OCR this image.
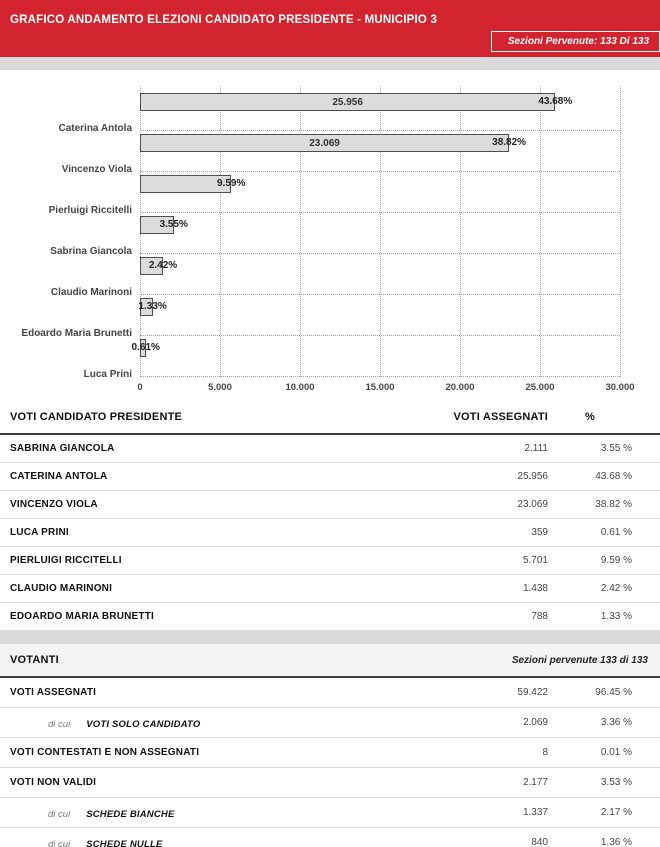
GRAFICO ANDAMENTO ELEZIONI CANDIDATO PRESIDENTE - MUNICIPIO 3
Sezioni Pervenute: 133 Di 133
0	5.000	10.000	15.000	20.000	25.000	30.000
25.956	43.68%
Caterina Antola
23.069	38.82%
Vincenzo Viola
9.59%
Pierluigi Riccitelli
3.55%
Sabrina Giancola
2.42%
Claudio Marinoni
1.33%
Edoardo Maria Brunetti
0.61%
Luca Prini
VOTI CANDIDATO PRESIDENTE	VOTI ASSEGNATI	%
SABRINA GIANCOLA	2.111	3.55 %
CATERINA ANTOLA	25.956	43.68 %
VINCENZO VIOLA	23.069	38.82 %
LUCA PRINI	359	0.61 %
PIERLUIGI RICCITELLI	5.701	9.59 %
CLAUDIO MARINONI	1.438	2.42 %
EDOARDO MARIA BRUNETTI	788	1.33 %
VOTANTI	Sezioni pervenute 133 di 133
VOTI ASSEGNATI	59.422	96.45 %
di cui VOTI SOLO CANDIDATO	2.069	3.36 %
VOTI CONTESTATI E NON ASSEGNATI	8	0.01 %
VOTI NON VALIDI	2.177	3.53 %
di cui SCHEDE BIANCHE	1.337	2.17 %
di cui SCHEDE NULLE	840	1.36 %
